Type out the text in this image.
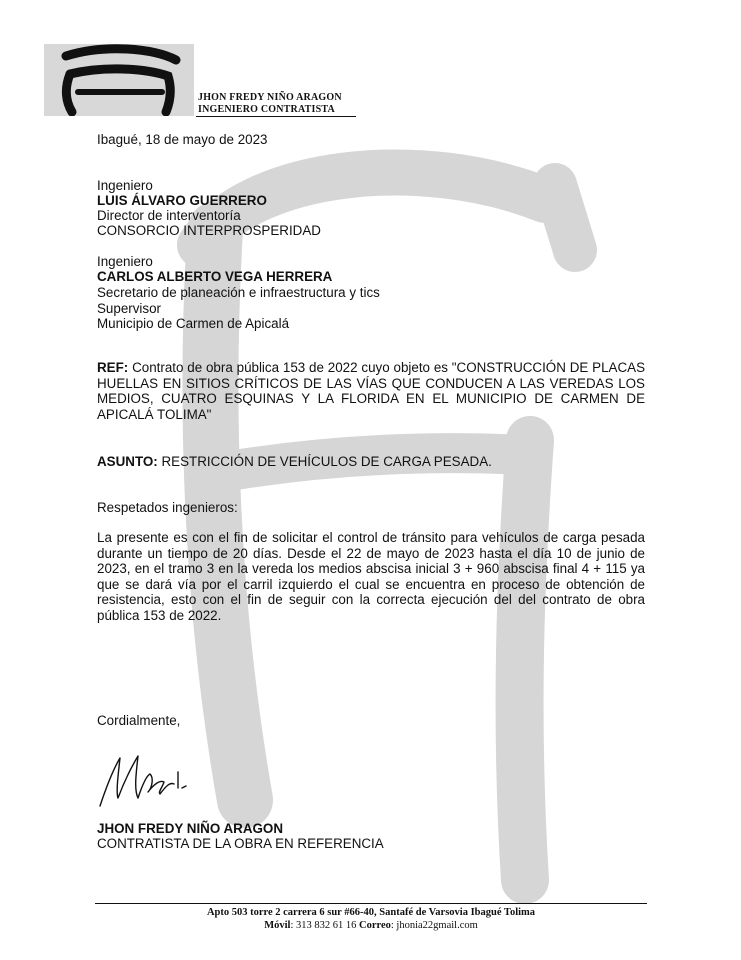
JHON FREDY NIÑO ARAGON
INGENIERO CONTRATISTA
Ibagué, 18 de mayo de 2023
Ingeniero
LUIS ÁLVARO GUERRERO
Director de interventoría
CONSORCIO INTERPROSPERIDAD
Ingeniero
CARLOS ALBERTO VEGA HERRERA
Secretario de planeación e infraestructura y tics
Supervisor
Municipio de Carmen de Apicalá
REF: Contrato de obra pública 153 de 2022 cuyo objeto es "CONSTRUCCIÓN DE PLACAS HUELLAS EN SITIOS CRÍTICOS DE LAS VÍAS QUE CONDUCEN A LAS VEREDAS LOS MEDIOS, CUATRO ESQUINAS Y LA FLORIDA EN EL MUNICIPIO DE CARMEN DE APICALÁ TOLIMA"
ASUNTO: RESTRICCIÓN DE VEHÍCULOS DE CARGA PESADA.
Respetados ingenieros:
La presente es con el fin de solicitar el control de tránsito para vehículos de carga pesada durante un tiempo de 20 días. Desde el 22 de mayo de 2023 hasta el día 10 de junio de 2023, en el tramo 3 en la vereda los medios abscisa inicial 3 + 960 abscisa final 4 + 115 ya que se dará vía por el carril izquierdo el cual se encuentra en proceso de obtención de resistencia, esto con el fin de seguir con la correcta ejecución del del contrato de obra pública 153 de 2022.
Cordialmente,
JHON FREDY NIÑO ARAGON
CONTRATISTA DE LA OBRA EN REFERENCIA
Apto 503 torre 2 carrera 6 sur #66-40, Santafé de Varsovia Ibagué Tolima
Móvil: 313 832 61 16 Correo: jhonia22gmail.com
